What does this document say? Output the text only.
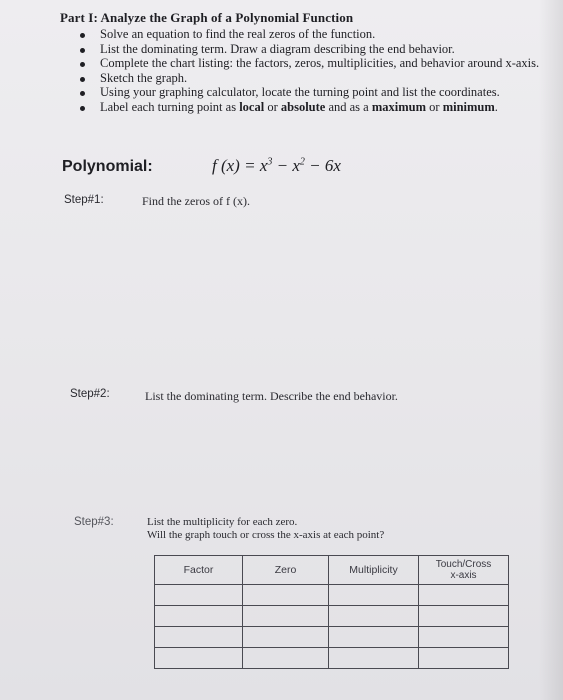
Part I: Analyze the Graph of a Polynomial Function
Solve an equation to find the real zeros of the function.
List the dominating term. Draw a diagram describing the end behavior.
Complete the chart listing: the factors, zeros, multiplicities, and behavior around x-axis.
Sketch the graph.
Using your graphing calculator, locate the turning point and list the coordinates.
Label each turning point as local or absolute and as a maximum or minimum.
Polynomial:	f $(x) = x^3 - x^2 - 6x$
Step#1:	Find the zeros of f (x).
Step#2:	List the dominating term. Describe the end behavior.
Step#3:	List the multiplicity for each zero.
Will the graph touch or cross the x-axis at each point?
Factor	Zero	Multiplicity	Touch/Cross
x-axis
